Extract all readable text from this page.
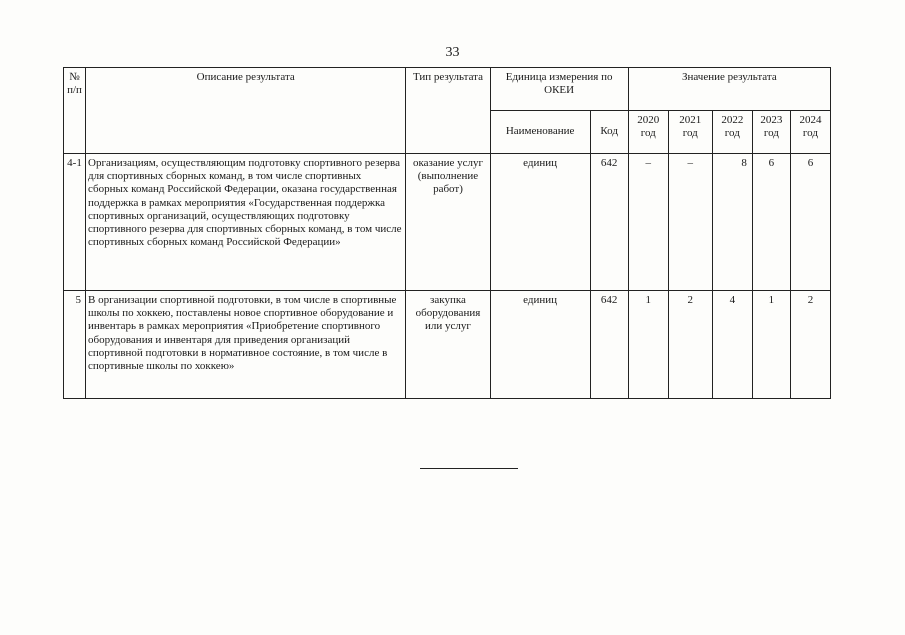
33
№ п/п	Описание результата	Тип результата	Единица измерения по ОКЕИ		Значение результата				
			Наименование	Код	2020 год	2021 год	2022 год	2023 год	2024 год
4-1	Организациям, осуществляющим подготовку спортивного резерва для спортивных сборных команд, в том числе спортивных сборных команд Российской Федерации, оказана государственная поддержка в рамках мероприятия «Государственная поддержка спортивных организаций, осуществляющих подготовку спортивного резерва для спортивных сборных команд, в том числе спортивных сборных команд Российской Федерации»	оказание услуг (выполнение работ)	единиц	642	–	–	8	6	6
5	В организации спортивной подготовки, в том числе в спортивные школы по хоккею, поставлены новое спортивное оборудование и инвентарь в рамках мероприятия «Приобретение спортивного оборудования и инвентаря для приведения организаций спортивной подготовки в нормативное состояние, в том числе в спортивные школы по хоккею»	закупка оборудования или услуг	единиц	642	1	2	4	1	2
